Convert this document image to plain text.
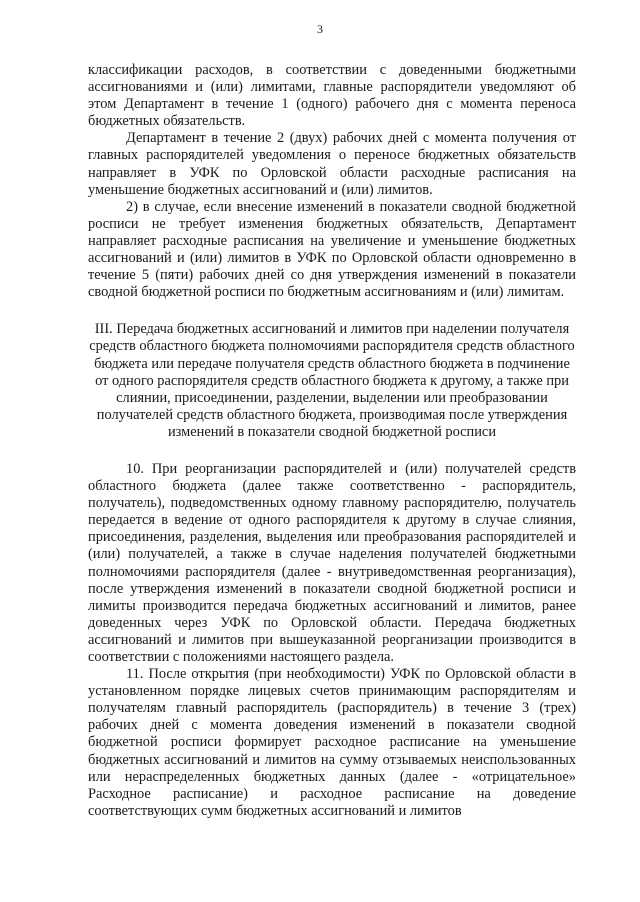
3

классификации расходов, в соответствии с доведенными бюджетными ассигнованиями и (или) лимитами, главные распорядители уведомляют об этом Департамент в течение 1 (одного) рабочего дня с момента переноса бюджетных обязательств.

Департамент в течение 2 (двух) рабочих дней с момента получения от главных распорядителей уведомления о переносе бюджетных обязательств направляет в УФК по Орловской области расходные расписания на уменьшение бюджетных ассигнований и (или) лимитов.

2) в случае, если внесение изменений в показатели сводной бюджетной росписи не требует изменения бюджетных обязательств, Департамент направляет расходные расписания на увеличение и уменьшение бюджетных ассигнований и (или) лимитов в УФК по Орловской области одновременно в течение 5 (пяти) рабочих дней со дня утверждения изменений в показатели сводной бюджетной росписи по бюджетным ассигнованиям и (или) лимитам.

III. Передача бюджетных ассигнований и лимитов при наделении получателя средств областного бюджета полномочиями распорядителя средств областного бюджета или передаче получателя средств областного бюджета в подчинение от одного распорядителя средств областного бюджета к другому, а также при слиянии, присоединении, разделении, выделении или преобразовании получателей средств областного бюджета, производимая после утверждения изменений в показатели сводной бюджетной росписи

10. При реорганизации распорядителей и (или) получателей средств областного бюджета (далее также соответственно - распорядитель, получатель), подведомственных одному главному распорядителю, получатель передается в ведение от одного распорядителя к другому в случае слияния, присоединения, разделения, выделения или преобразования распорядителей и (или) получателей, а также в случае наделения получателей бюджетными полномочиями распорядителя (далее - внутриведомственная реорганизация), после утверждения изменений в показатели сводной бюджетной росписи и лимиты производится передача бюджетных ассигнований и лимитов, ранее доведенных через УФК по Орловской области. Передача бюджетных ассигнований и лимитов при вышеуказанной реорганизации производится в соответствии с положениями настоящего раздела.

11. После открытия (при необходимости) УФК по Орловской области в установленном порядке лицевых счетов принимающим распорядителям и получателям главный распорядитель (распорядитель) в течение 3 (трех) рабочих дней с момента доведения изменений в показатели сводной бюджетной росписи формирует расходное расписание на уменьшение бюджетных ассигнований и лимитов на сумму отзываемых неиспользованных или нераспределенных бюджетных данных (далее - «отрицательное» Расходное расписание) и расходное расписание на доведение соответствующих сумм бюджетных ассигнований и лимитов
